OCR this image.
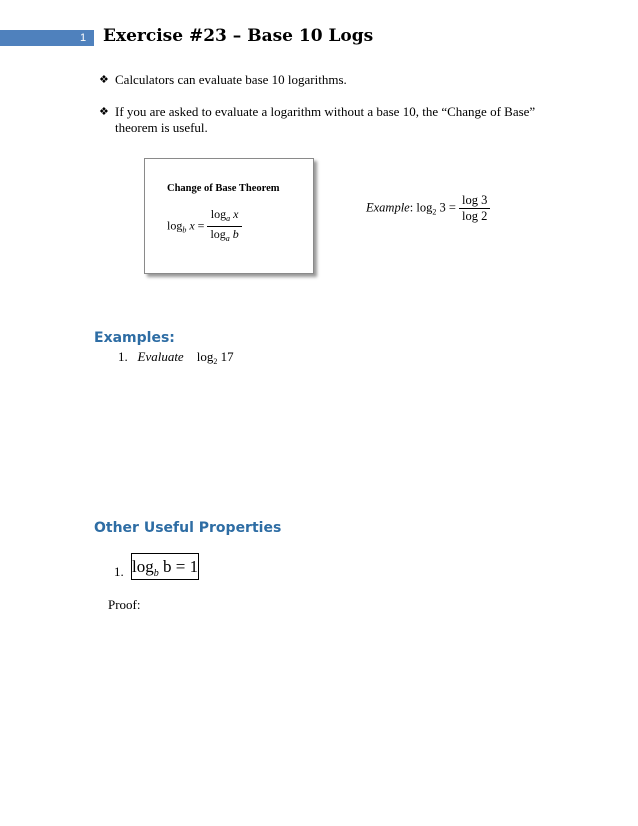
1 Exercise #23 – Base 10 Logs
❖ Calculators can evaluate base 10 logarithms.
❖ If you are asked to evaluate a logarithm without a base 10, the “Change of Base” theorem is useful.
Change of Base Theorem
$\log_b x = \frac{\log_a x}{\log_a b}$	Example: $\log_2 3 = \frac{\log 3}{\log 2}$
Examples:
1. Evaluate $\log_2 17$
Other Useful Properties
1. $\log_b b = 1$
Proof:
